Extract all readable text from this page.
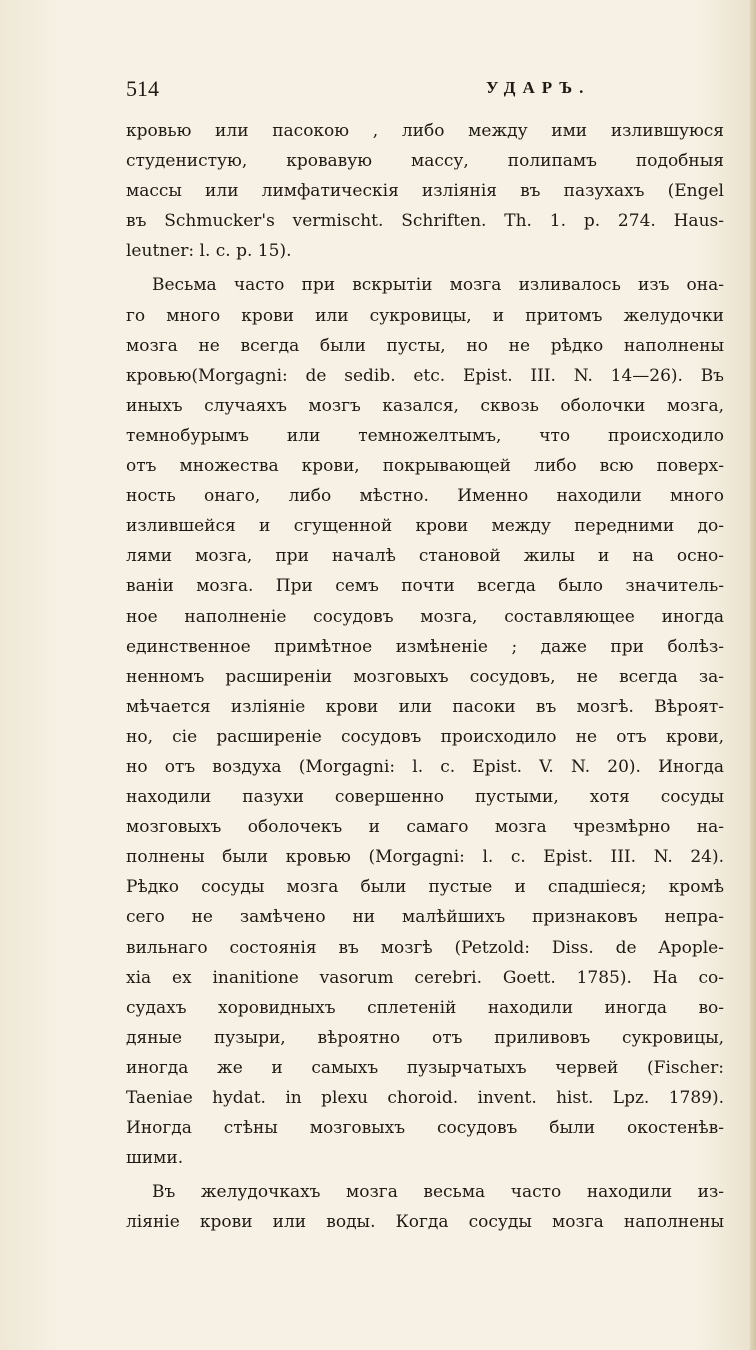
514	УДАРЪ.
кровью или пасокою , либо между ими излившуюся
студенистую, кровавую массу, полипамъ подобныя
массы или лимфатическія изліянія въ пазухахъ (Engel
въ Schmucker's vermischt. Schriften. Th. 1. p. 274. Haus-
leutner: l. c. p. 15).
Весьма часто при вскрытіи мозга изливалось изъ она-
го много крови или сукровицы, и притомъ желудочки
мозга не всегда были пусты, но не рѣдко наполнены
кровью(Morgagni: de sedib. etc. Epist. III. N. 14—26). Въ
иныхъ случаяхъ мозгъ казался, сквозь оболочки мозга,
темнобурымъ или темножелтымъ, что происходило
отъ множества крови, покрывающей либо всю поверх-
ность онаго, либо мѣстно. Именно находили много
излившейся и сгущенной крови между передними до-
лями мозга, при началѣ становой жилы и на осно-
ваніи мозга. При семъ почти всегда было значитель-
ное наполненіе сосудовъ мозга, составляющее иногда
единственное примѣтное измѣненіе ; даже при болѣз-
ненномъ расширеніи мозговыхъ сосудовъ, не всегда за-
мѣчается изліяніе крови или пасоки въ мозгѣ. Вѣроят-
но, сіе расширеніе сосудовъ происходило не отъ крови,
но отъ воздуха (Morgagni: l. c. Epist. V. N. 20). Иногда
находили пазухи совершенно пустыми, хотя сосуды
мозговыхъ оболочекъ и самаго мозга чрезмѣрно на-
полнены были кровью (Morgagni: l. c. Epist. III. N. 24).
Рѣдко сосуды мозга были пустые и спадшіеся; кромѣ
сего не замѣчено ни малѣйшихъ признаковъ непра-
вильнаго состоянія въ мозгѣ (Petzold: Diss. de Apople-
xia ex inanitione vasorum cerebri. Goett. 1785). На со-
судахъ хоровидныхъ сплетеній находили иногда во-
дяные пузыри, вѣроятно отъ приливовъ сукровицы,
иногда же и самыхъ пузырчатыхъ червей (Fischer:
Taeniae hydat. in plexu choroid. invent. hist. Lpz. 1789).
Иногда стѣны мозговыхъ сосудовъ были окостенѣв-
шими.
Въ желудочкахъ мозга весьма часто находили из-
ліяніе крови или воды. Когда сосуды мозга наполнены
